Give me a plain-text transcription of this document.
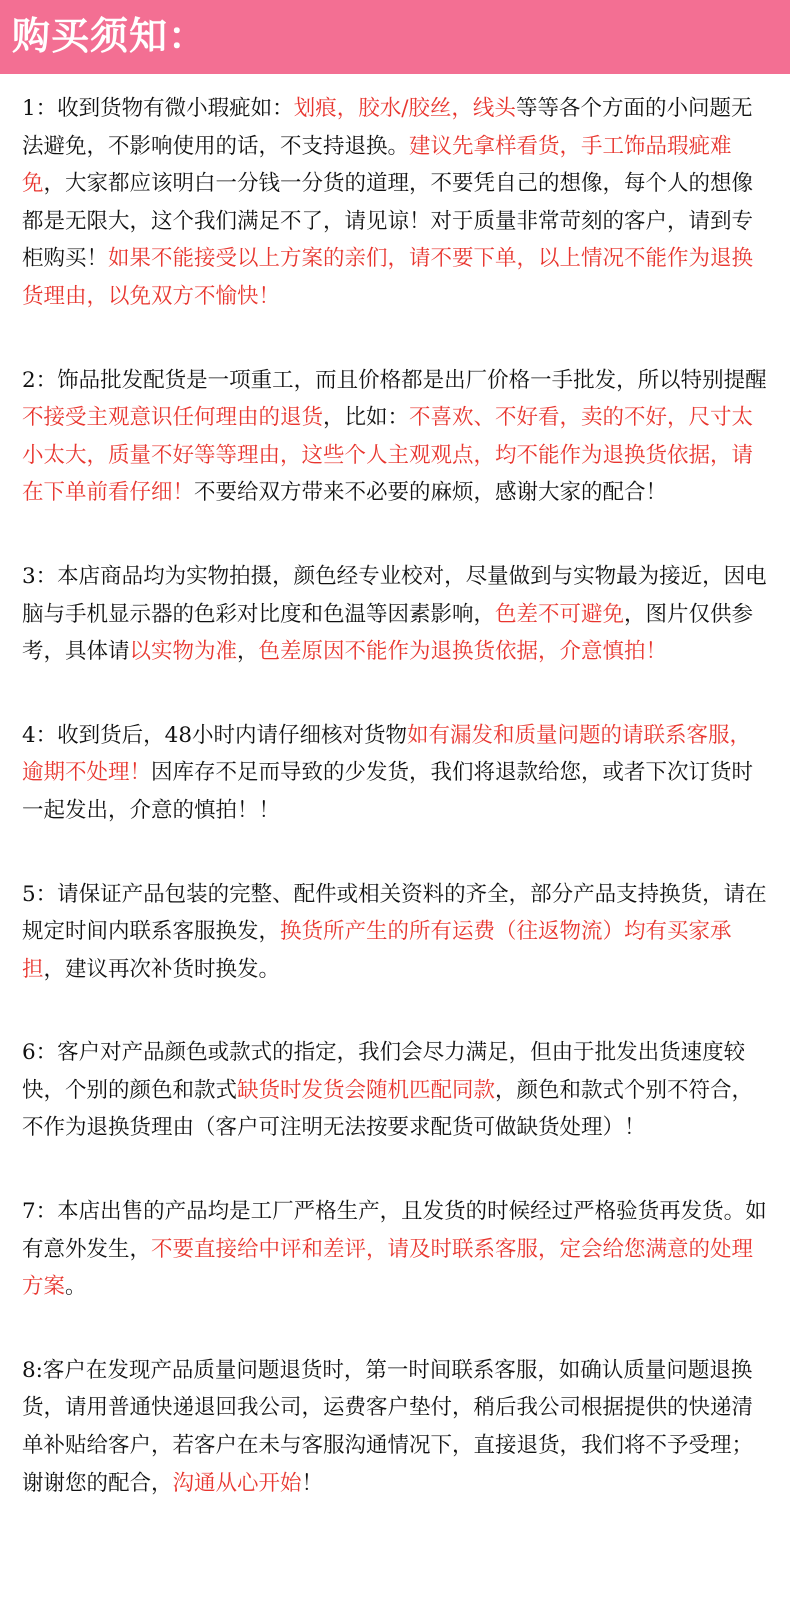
购买须知：

1：收到货物有微小瑕疵如：划痕，胶水/胶丝，线头等等各个方面的小问题无法避免，不影响使用的话，不支持退换。建议先拿样看货，手工饰品瑕疵难免，大家都应该明白一分钱一分货的道理，不要凭自己的想像，每个人的想像都是无限大，这个我们满足不了，请见谅！对于质量非常苛刻的客户，请到专柜购买！如果不能接受以上方案的亲们，请不要下单，以上情况不能作为退换货理由，以免双方不愉快！

2：饰品批发配货是一项重工，而且价格都是出厂价格一手批发，所以特别提醒不接受主观意识任何理由的退货，比如：不喜欢、不好看，卖的不好，尺寸太小太大，质量不好等等理由，这些个人主观观点，均不能作为退换货依据，请在下单前看仔细！不要给双方带来不必要的麻烦，感谢大家的配合！

3：本店商品均为实物拍摄，颜色经专业校对，尽量做到与实物最为接近，因电脑与手机显示器的色彩对比度和色温等因素影响，色差不可避免，图片仅供参考，具体请以实物为准，色差原因不能作为退换货依据，介意慎拍！

4：收到货后，48小时内请仔细核对货物如有漏发和质量问题的请联系客服，逾期不处理！因库存不足而导致的少发货，我们将退款给您，或者下次订货时一起发出，介意的慎拍！！

5：请保证产品包装的完整、配件或相关资料的齐全，部分产品支持换货，请在规定时间内联系客服换发，换货所产生的所有运费（往返物流）均有买家承担，建议再次补货时换发。

6：客户对产品颜色或款式的指定，我们会尽力满足，但由于批发出货速度较快，个别的颜色和款式缺货时发货会随机匹配同款，颜色和款式个别不符合，不作为退换货理由（客户可注明无法按要求配货可做缺货处理）！

7：本店出售的产品均是工厂严格生产，且发货的时候经过严格验货再发货。如有意外发生，不要直接给中评和差评，请及时联系客服，定会给您满意的处理方案。

8:客户在发现产品质量问题退货时，第一时间联系客服，如确认质量问题退换货，请用普通快递退回我公司，运费客户垫付，稍后我公司根据提供的快递清单补贴给客户，若客户在未与客服沟通情况下，直接退货，我们将不予受理；谢谢您的配合，沟通从心开始！
